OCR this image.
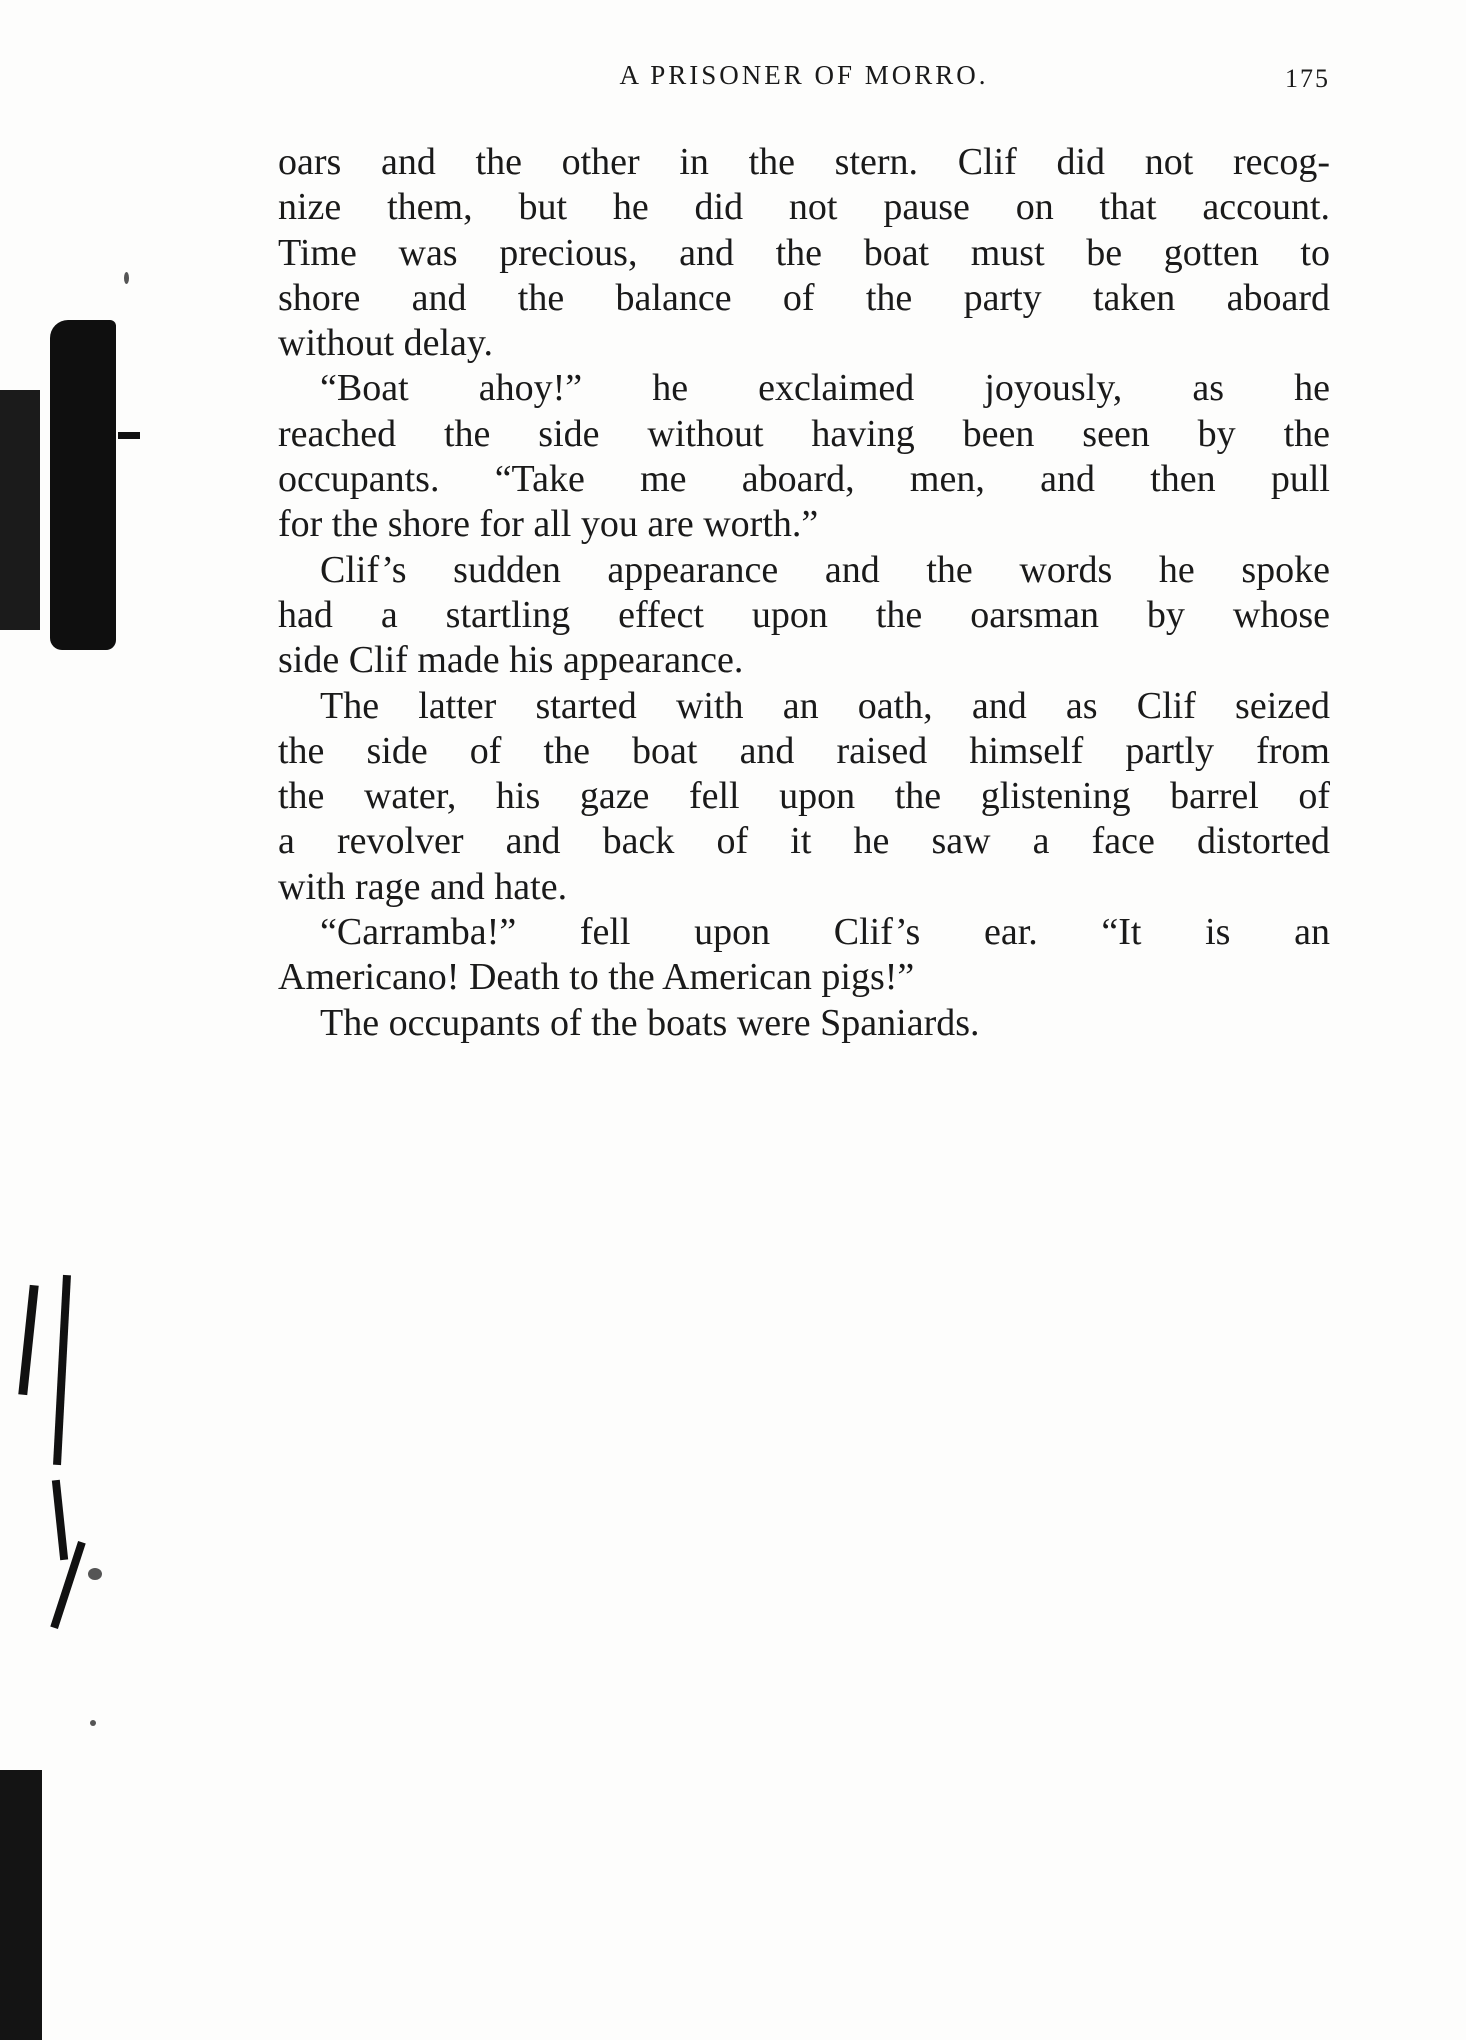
A PRISONER OF MORRO.	175
oars and the other in the stern. Clif did not recog-
nize them, but he did not pause on that account.
Time was precious, and the boat must be gotten to
shore and the balance of the party taken aboard
without delay.
“Boat ahoy!” he exclaimed joyously, as he
reached the side without having been seen by the
occupants. “Take me aboard, men, and then pull
for the shore for all you are worth.”
Clif’s sudden appearance and the words he spoke
had a startling effect upon the oarsman by whose
side Clif made his appearance.
The latter started with an oath, and as Clif seized
the side of the boat and raised himself partly from
the water, his gaze fell upon the glistening barrel of
a revolver and back of it he saw a face distorted
with rage and hate.
“Carramba!” fell upon Clif’s ear. “It is an
Americano! Death to the American pigs!”
The occupants of the boats were Spaniards.
